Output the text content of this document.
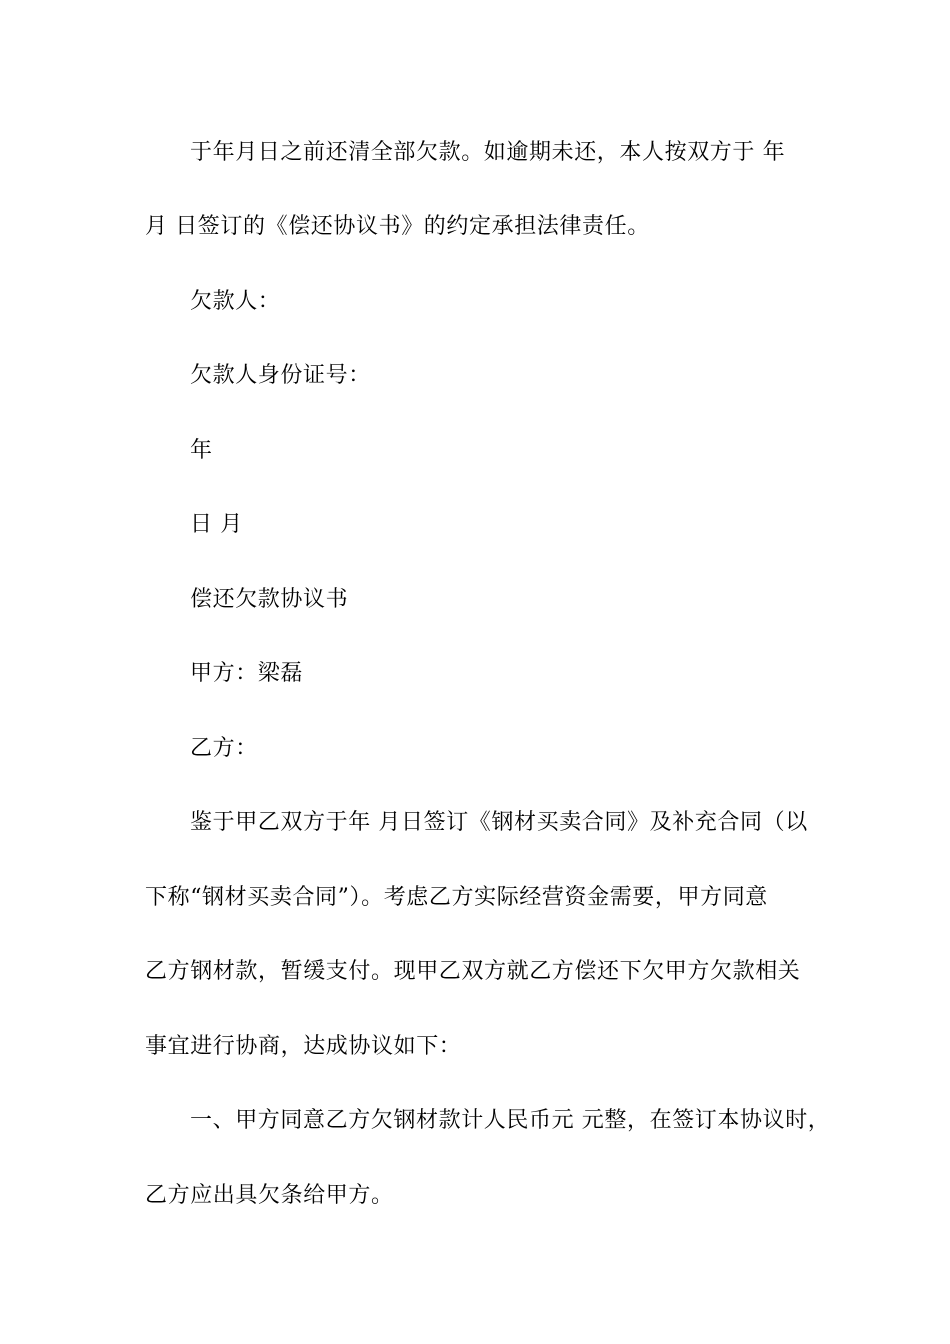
于年月日之前还清全部欠款。如逾期未还，本人按双方于 年
月 日签订的《偿还协议书》的约定承担法律责任。
欠款人：
欠款人身份证号：
年
日 月
偿还欠款协议书
甲方：梁磊
乙方：
鉴于甲乙双方于年 月日签订《钢材买卖合同》及补充合同（以
下称“钢材买卖合同”）。考虑乙方实际经营资金需要，甲方同意
乙方钢材款，暂缓支付。现甲乙双方就乙方偿还下欠甲方欠款相关
事宜进行协商，达成协议如下：
一、甲方同意乙方欠钢材款计人民币元 元整，在签订本协议时，
乙方应出具欠条给甲方。
